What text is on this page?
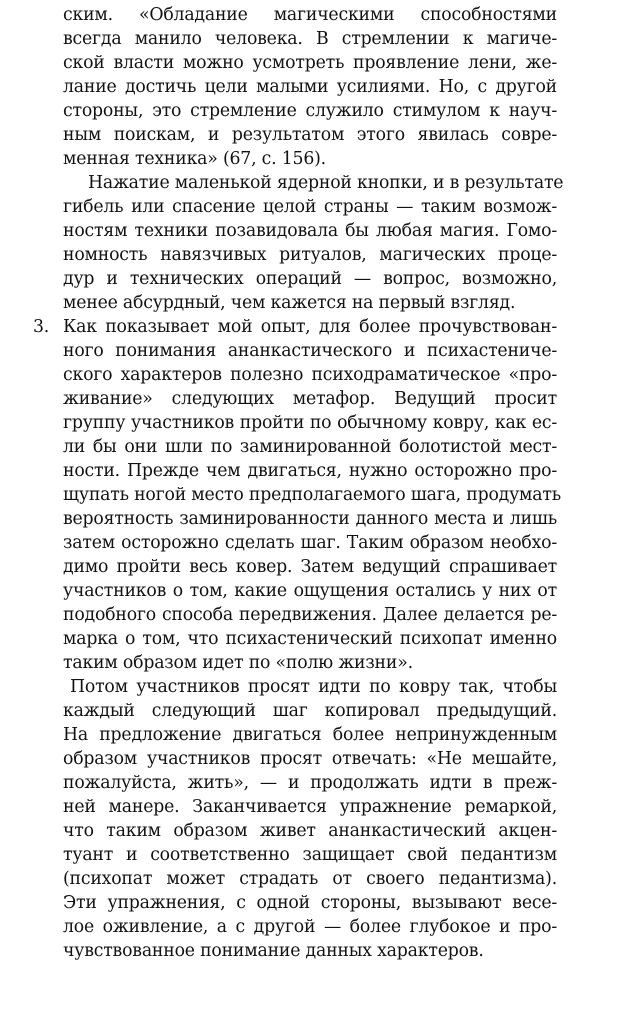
ским. «Обладание магическими способностями
всегда манило человека. В стремлении к магиче-
ской власти можно усмотреть проявление лени, же-
лание достичь цели малыми усилиями. Но, с другой
стороны, это стремление служило стимулом к науч-
ным поискам, и результатом этого явилась совре-
менная техника» (67, с. 156).
Нажатие маленькой ядерной кнопки, и в результате
гибель или спасение целой страны — таким возмож-
ностям техники позавидовала бы любая магия. Гомо-
номность навязчивых ритуалов, магических проце-
дур и технических операций — вопрос, возможно,
менее абсурдный, чем кажется на первый взгляд.
3. Как показывает мой опыт, для более прочувствован-
ного понимания ананкастического и психастениче-
ского характеров полезно психодраматическое «про-
живание» следующих метафор. Ведущий просит
группу участников пройти по обычному ковру, как ес-
ли бы они шли по заминированной болотистой мест-
ности. Прежде чем двигаться, нужно осторожно про-
щупать ногой место предполагаемого шага, продумать
вероятность заминированности данного места и лишь
затем осторожно сделать шаг. Таким образом необхо-
димо пройти весь ковер. Затем ведущий спрашивает
участников о том, какие ощущения остались у них от
подобного способа передвижения. Далее делается ре-
марка о том, что психастенический психопат именно
таким образом идет по «полю жизни».
Потом участников просят идти по ковру так, чтобы
каждый следующий шаг копировал предыдущий.
На предложение двигаться более непринужденным
образом участников просят отвечать: «Не мешайте,
пожалуйста, жить», — и продолжать идти в преж-
ней манере. Заканчивается упражнение ремаркой,
что таким образом живет ананкастический акцен-
туант и соответственно защищает свой педантизм
(психопат может страдать от своего педантизма).
Эти упражнения, с одной стороны, вызывают весе-
лое оживление, а с другой — более глубокое и про-
чувствованное понимание данных характеров.
